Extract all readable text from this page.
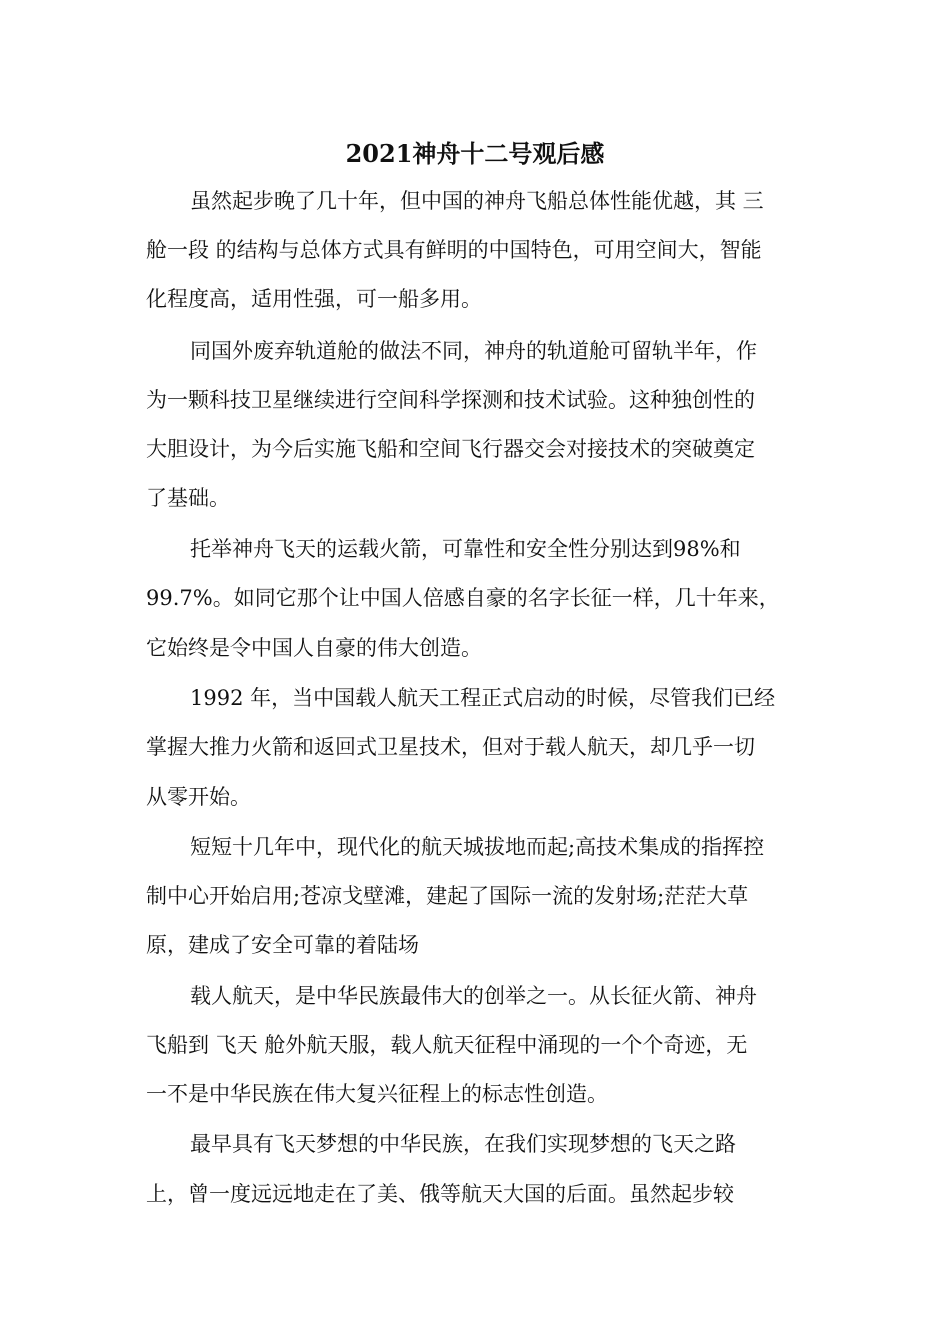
2021神舟十二号观后感
虽然起步晚了几十年，但中国的神舟飞船总体性能优越，其 三
舱一段 的结构与总体方式具有鲜明的中国特色，可用空间大，智能
化程度高，适用性强，可一船多用。
同国外废弃轨道舱的做法不同，神舟的轨道舱可留轨半年，作
为一颗科技卫星继续进行空间科学探测和技术试验。这种独创性的
大胆设计，为今后实施飞船和空间飞行器交会对接技术的突破奠定
了基础。
托举神舟飞天的运载火箭，可靠性和安全性分别达到98%和
99.7%。如同它那个让中国人倍感自豪的名字长征一样，几十年来，
它始终是令中国人自豪的伟大创造。
1992 年，当中国载人航天工程正式启动的时候，尽管我们已经
掌握大推力火箭和返回式卫星技术，但对于载人航天，却几乎一切
从零开始。
短短十几年中，现代化的航天城拔地而起;高技术集成的指挥控
制中心开始启用;苍凉戈壁滩，建起了国际一流的发射场;茫茫大草
原，建成了安全可靠的着陆场
载人航天，是中华民族最伟大的创举之一。从长征火箭、神舟
飞船到 飞天 舱外航天服，载人航天征程中涌现的一个个奇迹，无
一不是中华民族在伟大复兴征程上的标志性创造。
最早具有飞天梦想的中华民族，在我们实现梦想的飞天之路
上，曾一度远远地走在了美、俄等航天大国的后面。虽然起步较
